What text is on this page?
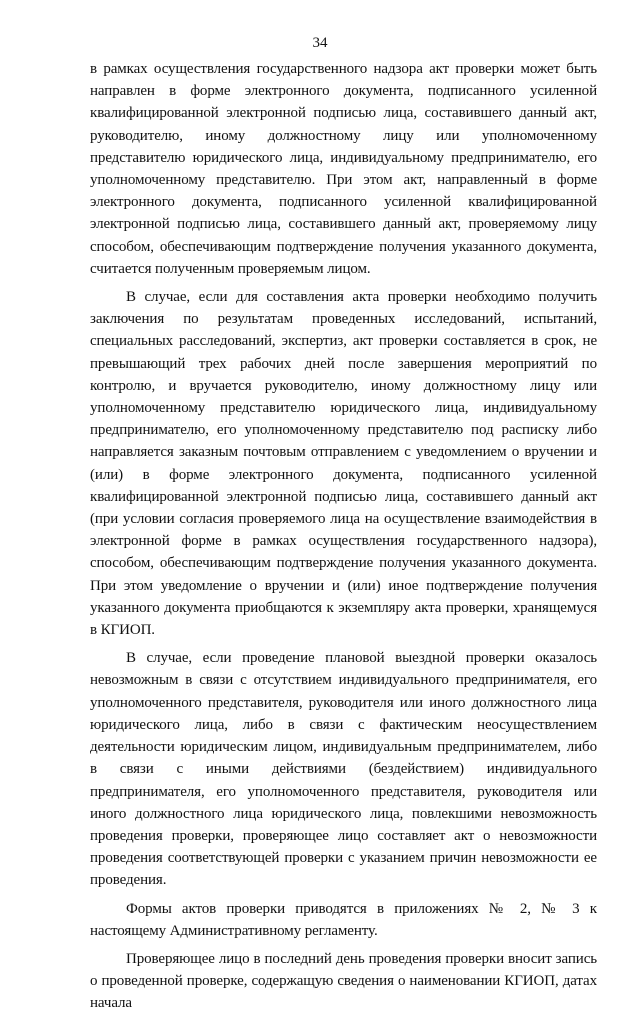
34

в рамках осуществления государственного надзора акт проверки может быть направлен в форме электронного документа, подписанного усиленной квалифицированной электронной подписью лица, составившего данный акт, руководителю, иному должностному лицу или уполномоченному представителю юридического лица, индивидуальному предпринимателю, его уполномоченному представителю. При этом акт, направленный в форме электронного документа, подписанного усиленной квалифицированной электронной подписью лица, составившего данный акт, проверяемому лицу способом, обеспечивающим подтверждение получения указанного документа, считается полученным проверяемым лицом.

В случае, если для составления акта проверки необходимо получить заключения по результатам проведенных исследований, испытаний, специальных расследований, экспертиз, акт проверки составляется в срок, не превышающий трех рабочих дней после завершения мероприятий по контролю, и вручается руководителю, иному должностному лицу или уполномоченному представителю юридического лица, индивидуальному предпринимателю, его уполномоченному представителю под расписку либо направляется заказным почтовым отправлением с уведомлением о вручении и (или) в форме электронного документа, подписанного усиленной квалифицированной электронной подписью лица, составившего данный акт (при условии согласия проверяемого лица на осуществление взаимодействия в электронной форме в рамках осуществления государственного надзора), способом, обеспечивающим подтверждение получения указанного документа. При этом уведомление о вручении и (или) иное подтверждение получения указанного документа приобщаются к экземпляру акта проверки, хранящемуся в КГИОП.

В случае, если проведение плановой выездной проверки оказалось невозможным в связи с отсутствием индивидуального предпринимателя, его уполномоченного представителя, руководителя или иного должностного лица юридического лица, либо в связи с фактическим неосуществлением деятельности юридическим лицом, индивидуальным предпринимателем, либо в связи с иными действиями (бездействием) индивидуального предпринимателя, его уполномоченного представителя, руководителя или иного должностного лица юридического лица, повлекшими невозможность проведения проверки, проверяющее лицо составляет акт о невозможности проведения соответствующей проверки с указанием причин невозможности ее проведения.

Формы актов проверки приводятся в приложениях № 2, № 3 к настоящему Административному регламенту.

Проверяющее лицо в последний день проведения проверки вносит запись о проведенной проверке, содержащую сведения о наименовании КГИОП, датах начала
